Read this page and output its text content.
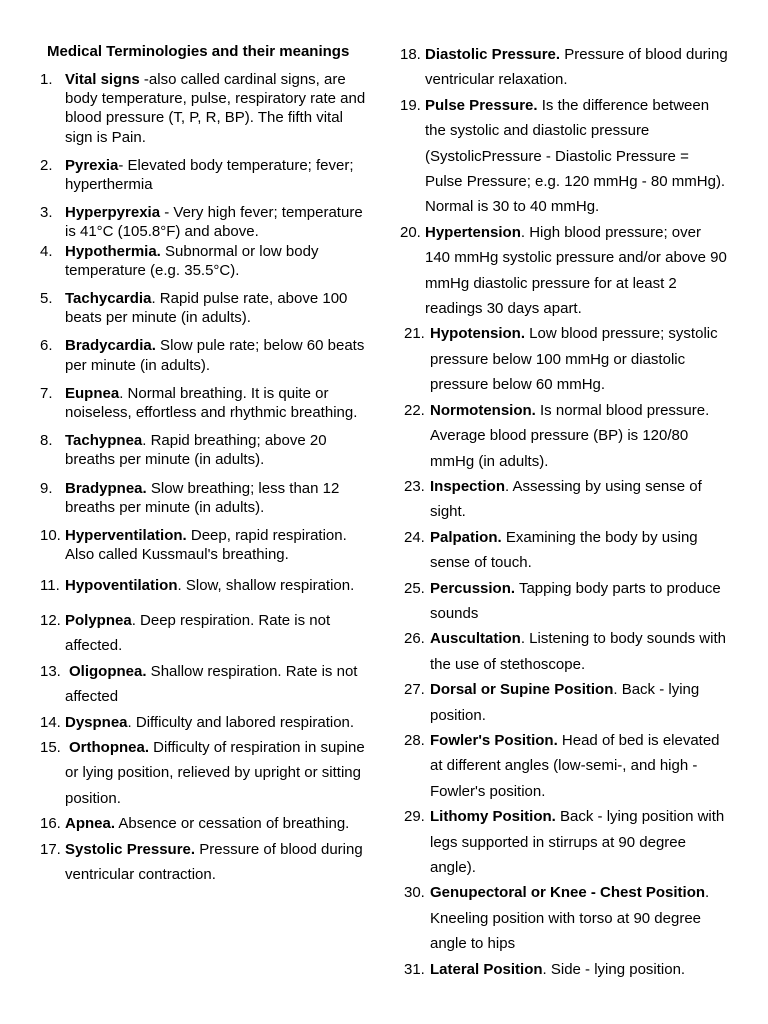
Medical Terminologies and their meanings
1. Vital signs -also called cardinal signs, are body temperature, pulse, respiratory rate and blood pressure (T, P, R, BP). The fifth vital sign is Pain.
2. Pyrexia- Elevated body temperature; fever; hyperthermia
3. Hyperpyrexia - Very high fever; temperature is 41°C (105.8°F) and above.
4. Hypothermia. Subnormal or low body temperature (e.g. 35.5°C).
5. Tachycardia. Rapid pulse rate, above 100 beats per minute (in adults).
6. Bradycardia. Slow pule rate; below 60 beats per minute (in adults).
7. Eupnea. Normal breathing. It is quite or noiseless, effortless and rhythmic breathing.
8. Tachypnea. Rapid breathing; above 20 breaths per minute (in adults).
9. Bradypnea. Slow breathing; less than 12 breaths per minute (in adults).
10. Hyperventilation. Deep, rapid respiration. Also called Kussmaul's breathing.
11. Hypoventilation. Slow, shallow respiration.
12. Polypnea. Deep respiration. Rate is not affected.
13. Oligopnea. Shallow respiration. Rate is not affected
14. Dyspnea. Difficulty and labored respiration.
15. Orthopnea. Difficulty of respiration in supine or lying position, relieved by upright or sitting position.
16. Apnea. Absence or cessation of breathing.
17. Systolic Pressure. Pressure of blood during ventricular contraction.
18. Diastolic Pressure. Pressure of blood during ventricular relaxation.
19. Pulse Pressure. Is the difference between the systolic and diastolic pressure (SystolicPressure - Diastolic Pressure = Pulse Pressure; e.g. 120 mmHg - 80 mmHg). Normal is 30 to 40 mmHg.
20. Hypertension. High blood pressure; over 140 mmHg systolic pressure and/or above 90 mmHg diastolic pressure for at least 2 readings 30 days apart.
21. Hypotension. Low blood pressure; systolic pressure below 100 mmHg or diastolic pressure below 60 mmHg.
22. Normotension. Is normal blood pressure. Average blood pressure (BP) is 120/80 mmHg (in adults).
23. Inspection. Assessing by using sense of sight.
24. Palpation. Examining the body by using sense of touch.
25. Percussion. Tapping body parts to produce sounds
26. Auscultation. Listening to body sounds with the use of stethoscope.
27. Dorsal or Supine Position. Back - lying position.
28. Fowler's Position. Head of bed is elevated at different angles (low-semi-, and high - Fowler's position.
29. Lithomy Position. Back - lying position with legs supported in stirrups at 90 degree angle).
30. Genupectoral or Knee - Chest Position. Kneeling position with torso at 90 degree angle to hips
31. Lateral Position. Side - lying position.
